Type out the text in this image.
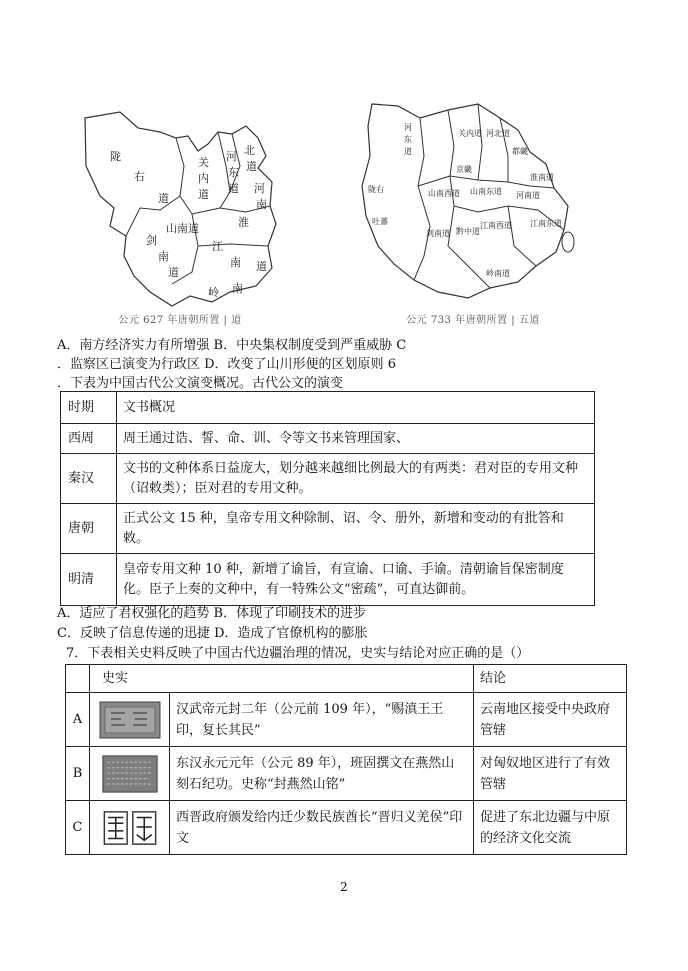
陇
右
道
关
内
道
河
东
道
北
道
河
南
淮
山南道
剑
南
道
江
南 道
岭 南
公元 627 年唐朝所置 | 道
河
东
道
关内道 河北道
都畿
京畿
山南西道 山南东道 河南道
剑南道 黔中道
江南西道 江南东道
淮南道
岭南道
陇右
吐蕃
公元 733 年唐朝所置 | 五道
A．南方经济实力有所增强 B．中央集权制度受到严重威胁 C
．监察区已演变为行政区 D．改变了山川形便的区划原则 6
．下表为中国古代公文演变概况。古代公文的演变
时期	文书概况
西周	周王通过诰、誓、命、训、令等文书来管理国家、
秦汉	文书的文种体系日益庞大，划分越来越细比例最大的有两类：君对臣的专用文种（诏敕类）；臣对君的专用文种。
唐朝	正式公文 15 种，皇帝专用文种除制、诏、令、册外，新增和变动的有批答和敕。
明清	皇帝专用文种 10 种，新增了谕旨，有宣谕、口谕、手谕。清朝谕旨保密制度化。臣子上奏的文种中，有一特殊公文“密疏”，可直达御前。
A．适应了君权强化的趋势 B．体现了印刷技术的进步
C．反映了信息传递的迅捷 D．造成了官僚机构的膨胀
7．下表相关史料反映了中国古代边疆治理的情况，史实与结论对应正确的是（）
	史实		结论
A		汉武帝元封二年（公元前 109 年），“赐滇王王印，复长其民”	云南地区接受中央政府管辖
B		东汉永元元年（公元 89 年），班固撰文在燕然山刻石纪功。史称“封燕然山铭”	对匈奴地区进行了有效管辖
C		西晋政府颁发给内迁少数民族酋长“晋归义羌侯”印文	促进了东北边疆与中原的经济文化交流
2
